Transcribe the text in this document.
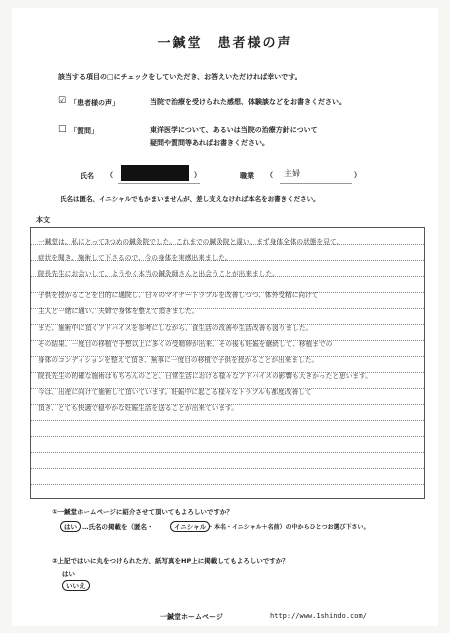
一鍼堂　患者様の声
該当する項目の□にチェックをしていただき、お答えいただければ幸いです。
☑ 「患者様の声」	当院で治療を受けられた感想、体験談などをお書きください。
□ 「質問」	東洋医学について、あるいは当院の治療方針について
疑問や質問等あればお書きください。
氏名 （	）	職業 （ 主婦	）
氏名は匿名、イニシャルでもかまいませんが、差し支えなければ本名をお書きください。
本文
一鍼堂は、私にとって3つめの鍼灸院でした。これまでの鍼灸院と違い、まず身体全体の状態を見て、
症状を聞き、施術して下さるので、今の身体を実感出来ました。
院長先生にお会いして、ようやく本当の鍼灸師さんと出会うことが出来ました。
子供を授かることを目的に通院し、日々のマイナートラブルを改善しつつ、体外受精に向けて
主人と一緒に通い、夫婦で身体を整えて頂きました。
また、施術中に頂くアドバイスを参考にしながら、食生活の改善や生活改善も図りました。
その結果、一度目の移植で予想以上に多くの受精卵が出来、その後も妊娠を継続して、移植までの
身体のコンディションを整えて頂き、無事に一度目の移植で子供を授かることが出来ました。
院長先生の的確な施術はもちろんのこと、日常生活における様々なアドバイスの影響も大きかったと思います。
今は、出産に向けて施術して頂いています。妊娠中に起こる様々なトラブルも都度改善して
頂き、とても快適で穏やかな妊娠生活を送ることが出来ています。
①一鍼堂ホームページに紹介させて頂いてもよろしいですか？
はい …氏名の掲載を（匿名・	イニシャル ・本名・イニシャル＋名前）の中からひとつお選び下さい。
②上記ではいに丸をつけられた方、紙写真をHP上に掲載してもよろしいですか？
はい
いいえ
一鍼堂ホームページ	http://www.1shindo.com/
